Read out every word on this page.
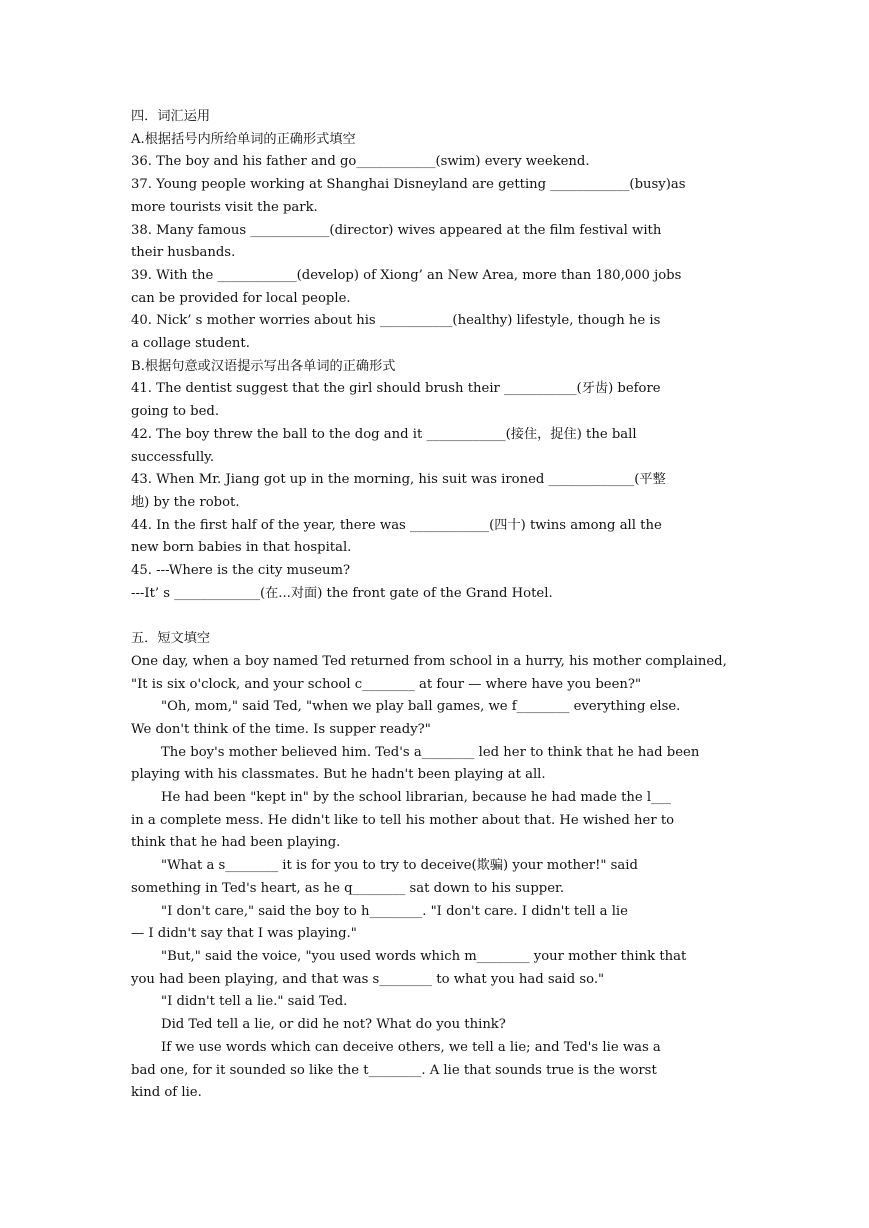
四．词汇运用

A.根据括号内所给单词的正确形式填空

36. The boy and his father and go____________(swim) every weekend.

37. Young people working at Shanghai Disneyland are getting ____________(busy)as

more tourists visit the park.

38. Many famous ____________(director) wives appeared at the film festival with

their husbands.

39. With the ____________(develop) of Xiong’ an New Area, more than 180,000 jobs

can be provided for local people.

40. Nick’ s mother worries about his ___________(healthy) lifestyle, though he is

a collage student.

B.根据句意或汉语提示写出各单词的正确形式

41. The dentist suggest that the girl should brush their ___________(牙齿) before

going to bed.

42. The boy threw the ball to the dog and it ____________(接住，捉住) the ball

successfully.

43. When Mr. Jiang got up in the morning, his suit was ironed _____________(平整

地) by the robot.

44. In the first half of the year, there was ____________(四十) twins among all the

new born babies in that hospital.

45. ---Where is the city museum?

---It’ s _____________(在...对面) the front gate of the Grand Hotel.

五．短文填空

One day, when a boy named Ted returned from school in a hurry, his mother complained,

"It is six o'clock, and your school c________ at four — where have you been?"

"Oh, mom," said Ted, "when we play ball games, we f________ everything else.

We don't think of the time. Is supper ready?"

The boy's mother believed him. Ted's a________ led her to think that he had been

playing with his classmates. But he hadn't been playing at all.

He had been "kept in" by the school librarian, because he had made the l___

in a complete mess. He didn't like to tell his mother about that. He wished her to

think that he had been playing.

"What a s________ it is for you to try to deceive(欺骗) your mother!" said

something in Ted's heart, as he q________ sat down to his supper.

"I don't care," said the boy to h________. "I don't care. I didn't tell a lie

— I didn't say that I was playing."

"But," said the voice, "you used words which m________ your mother think that

you had been playing, and that was s________ to what you had said so."

"I didn't tell a lie." said Ted.

Did Ted tell a lie, or did he not? What do you think?

If we use words which can deceive others, we tell a lie; and Ted's lie was a

bad one, for it sounded so like the t________. A lie that sounds true is the worst

kind of lie.
